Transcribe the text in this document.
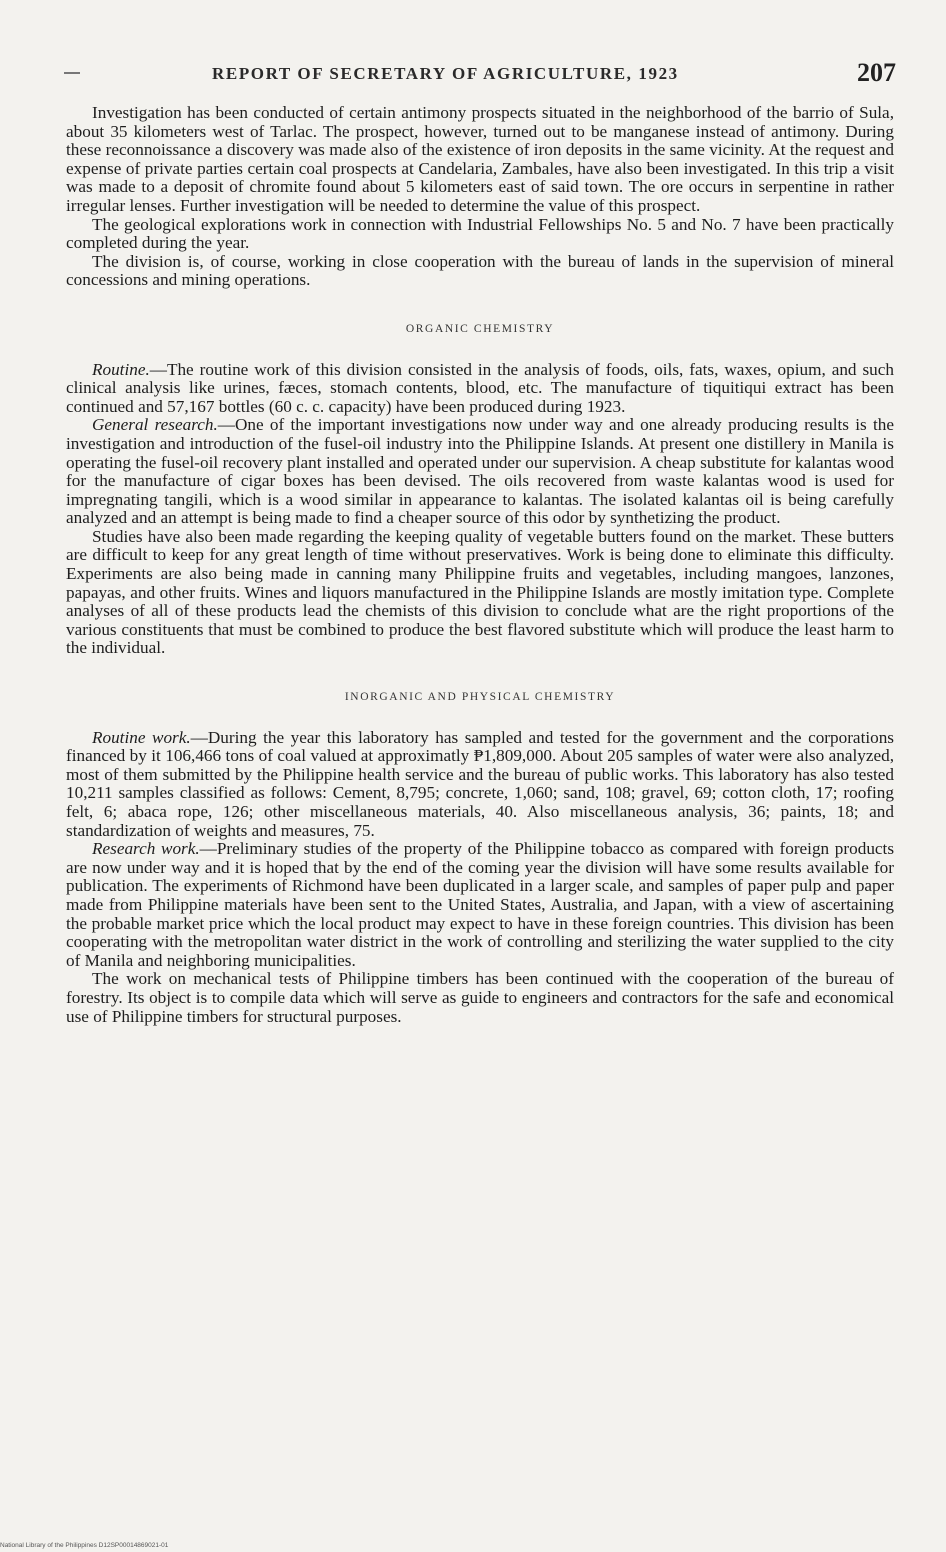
REPORT OF SECRETARY OF AGRICULTURE, 1923	207

Investigation has been conducted of certain antimony prospects situated in the neighborhood of the barrio of Sula, about 35 kilometers west of Tarlac. The prospect, however, turned out to be manganese instead of antimony. During these reconnoissance a discovery was made also of the existence of iron deposits in the same vicinity. At the request and expense of private parties certain coal prospects at Candelaria, Zambales, have also been investigated. In this trip a visit was made to a deposit of chromite found about 5 kilometers east of said town. The ore occurs in serpentine in rather irregular lenses. Further investigation will be needed to determine the value of this prospect.

The geological explorations work in connection with Industrial Fellowships No. 5 and No. 7 have been practically completed during the year.

The division is, of course, working in close cooperation with the bureau of lands in the supervision of mineral concessions and mining operations.

ORGANIC CHEMISTRY

Routine.—The routine work of this division consisted in the analysis of foods, oils, fats, waxes, opium, and such clinical analysis like urines, fæces, stomach contents, blood, etc. The manufacture of tiquitiqui extract has been continued and 57,167 bottles (60 c. c. capacity) have been produced during 1923.

General research.—One of the important investigations now under way and one already producing results is the investigation and introduction of the fusel-oil industry into the Philippine Islands. At present one distillery in Manila is operating the fusel-oil recovery plant installed and operated under our supervision. A cheap substitute for kalantas wood for the manufacture of cigar boxes has been devised. The oils recovered from waste kalantas wood is used for impregnating tangili, which is a wood similar in appearance to kalantas. The isolated kalantas oil is being carefully analyzed and an attempt is being made to find a cheaper source of this odor by synthetizing the product.

Studies have also been made regarding the keeping quality of vegetable butters found on the market. These butters are difficult to keep for any great length of time without preservatives. Work is being done to eliminate this difficulty. Experiments are also being made in canning many Philippine fruits and vegetables, including mangoes, lanzones, papayas, and other fruits. Wines and liquors manufactured in the Philippine Islands are mostly imitation type. Complete analyses of all of these products lead the chemists of this division to conclude what are the right proportions of the various constituents that must be combined to produce the best flavored substitute which will produce the least harm to the individual.

INORGANIC AND PHYSICAL CHEMISTRY

Routine work.—During the year this laboratory has sampled and tested for the government and the corporations financed by it 106,466 tons of coal valued at approximatly ₱1,809,000. About 205 samples of water were also analyzed, most of them submitted by the Philippine health service and the bureau of public works. This laboratory has also tested 10,211 samples classified as follows: Cement, 8,795; concrete, 1,060; sand, 108; gravel, 69; cotton cloth, 17; roofing felt, 6; abaca rope, 126; other miscellaneous materials, 40. Also miscellaneous analysis, 36; paints, 18; and standardization of weights and measures, 75.

Research work.—Preliminary studies of the property of the Philippine tobacco as compared with foreign products are now under way and it is hoped that by the end of the coming year the division will have some results available for publication. The experiments of Richmond have been duplicated in a larger scale, and samples of paper pulp and paper made from Philippine materials have been sent to the United States, Australia, and Japan, with a view of ascertaining the probable market price which the local product may expect to have in these foreign countries. This division has been cooperating with the metropolitan water district in the work of controlling and sterilizing the water supplied to the city of Manila and neighboring municipalities.

The work on mechanical tests of Philippine timbers has been continued with the cooperation of the bureau of forestry. Its object is to compile data which will serve as guide to engineers and contractors for the safe and economical use of Philippine timbers for structural purposes.

National Library of the Philippines D12SP00014869021-01
